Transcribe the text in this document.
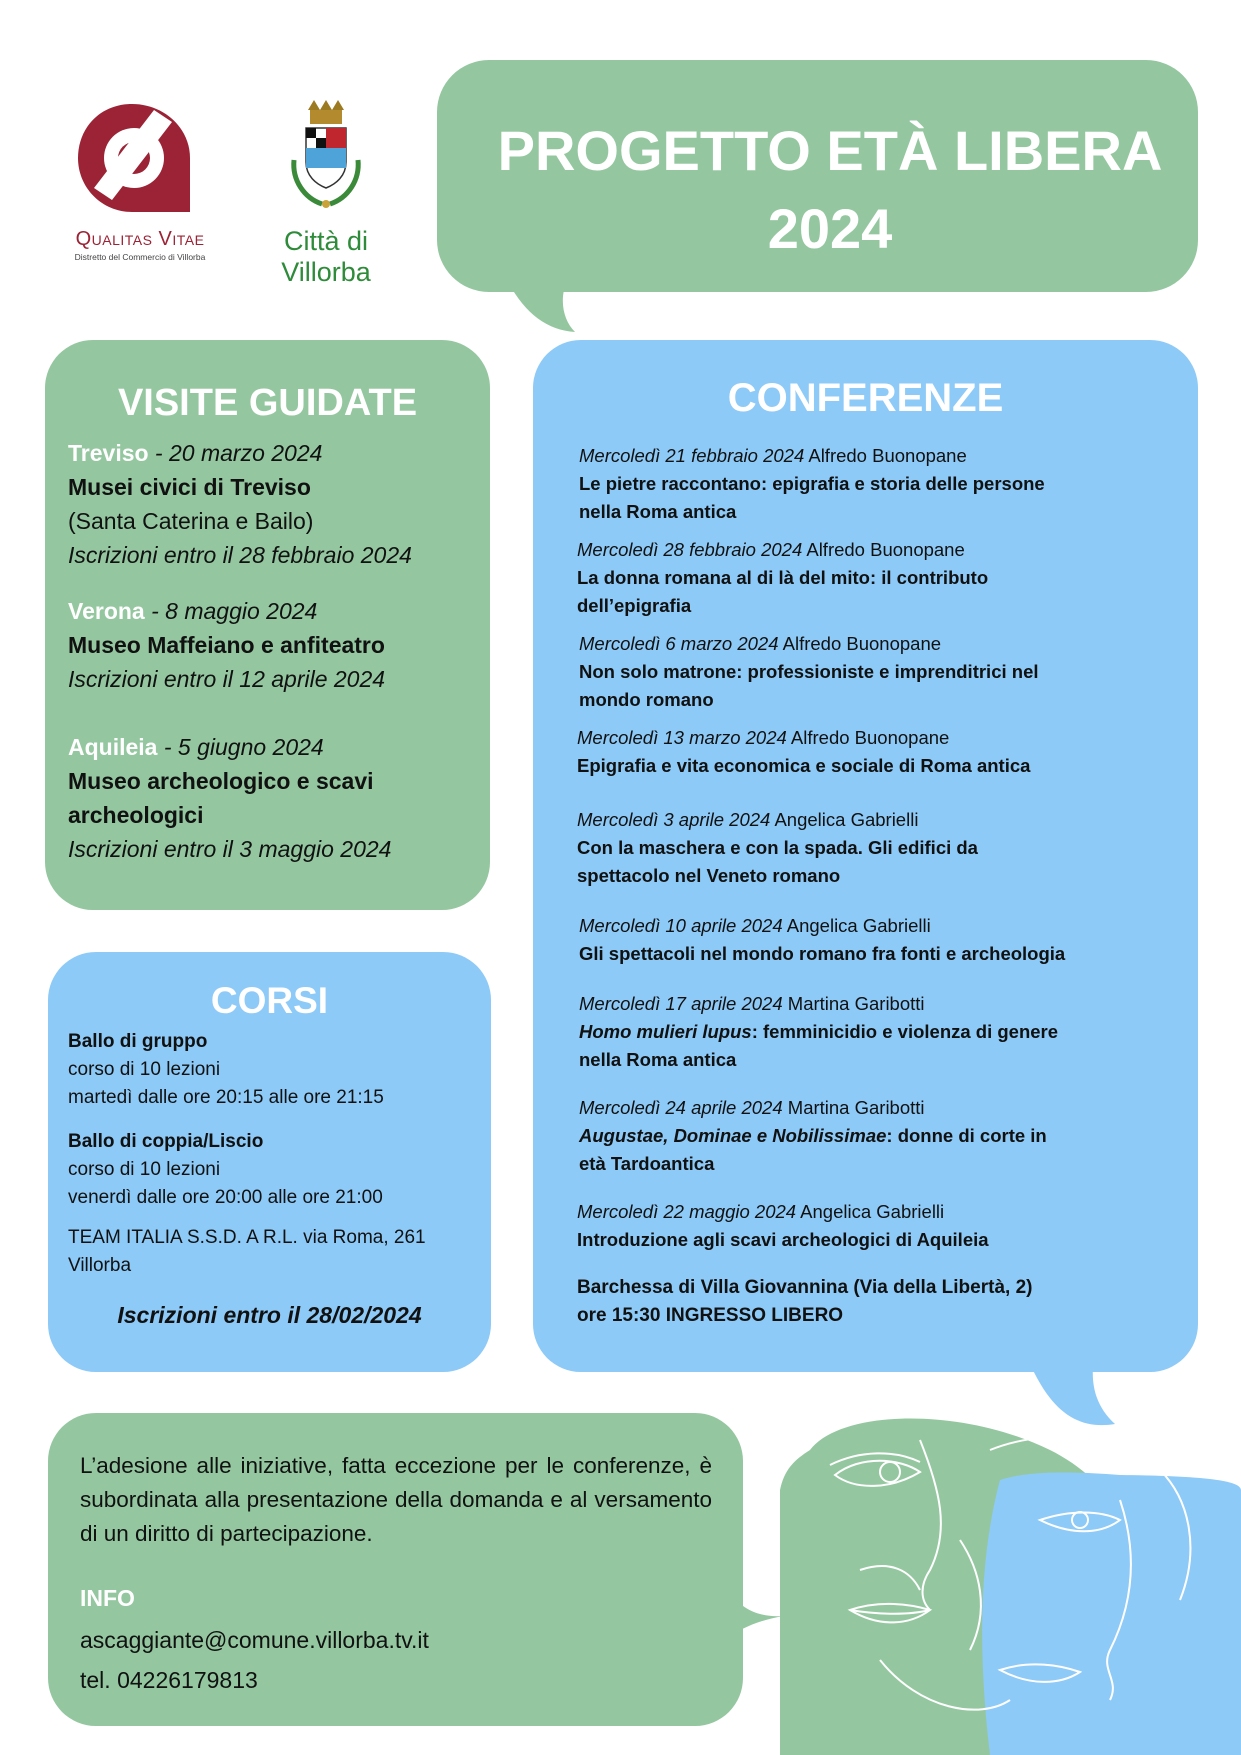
Qualitas Vitae
Distretto del Commercio di Villorba
Città di Villorba
PROGETTO ETÀ LIBERA
2024
VISITE GUIDATE
Treviso - 20 marzo 2024
Musei civici di Treviso
(Santa Caterina e Bailo)
Iscrizioni entro il 28 febbraio 2024
Verona - 8 maggio 2024
Museo Maffeiano e anfiteatro
Iscrizioni entro il 12 aprile 2024
Aquileia - 5 giugno 2024
Museo archeologico e scavi
archeologici
Iscrizioni entro il 3 maggio 2024
CORSI
Ballo di gruppo
corso di 10 lezioni
martedì dalle ore 20:15 alle ore 21:15
Ballo di coppia/Liscio
corso di 10 lezioni
venerdì dalle ore 20:00 alle ore 21:00
TEAM ITALIA S.S.D. A R.L. via Roma, 261
Villorba
Iscrizioni entro il 28/02/2024
CONFERENZE
Mercoledì 21 febbraio 2024 Alfredo Buonopane
Le pietre raccontano: epigrafia e storia delle persone
nella Roma antica
Mercoledì 28 febbraio 2024 Alfredo Buonopane
La donna romana al di là del mito: il contributo
dell’epigrafia
Mercoledì 6 marzo 2024 Alfredo Buonopane
Non solo matrone: professioniste e imprenditrici nel
mondo romano
Mercoledì 13 marzo 2024 Alfredo Buonopane
Epigrafia e vita economica e sociale di Roma antica
Mercoledì 3 aprile 2024 Angelica Gabrielli
Con la maschera e con la spada. Gli edifici da
spettacolo nel Veneto romano
Mercoledì 10 aprile 2024 Angelica Gabrielli
Gli spettacoli nel mondo romano fra fonti e archeologia
Mercoledì 17 aprile 2024 Martina Garibotti
Homo mulieri lupus: femminicidio e violenza di genere
nella Roma antica
Mercoledì 24 aprile 2024 Martina Garibotti
Augustae, Dominae e Nobilissimae: donne di corte in
età Tardoantica
Mercoledì 22 maggio 2024 Angelica Gabrielli
Introduzione agli scavi archeologici di Aquileia
Barchessa di Villa Giovannina (Via della Libertà, 2)
ore 15:30 INGRESSO LIBERO
L’adesione alle iniziative, fatta eccezione per le conferenze, è subordinata alla presentazione della domanda e al versamento di un diritto di partecipazione.
INFO
ascaggiante@comune.villorba.tv.it
tel. 04226179813
